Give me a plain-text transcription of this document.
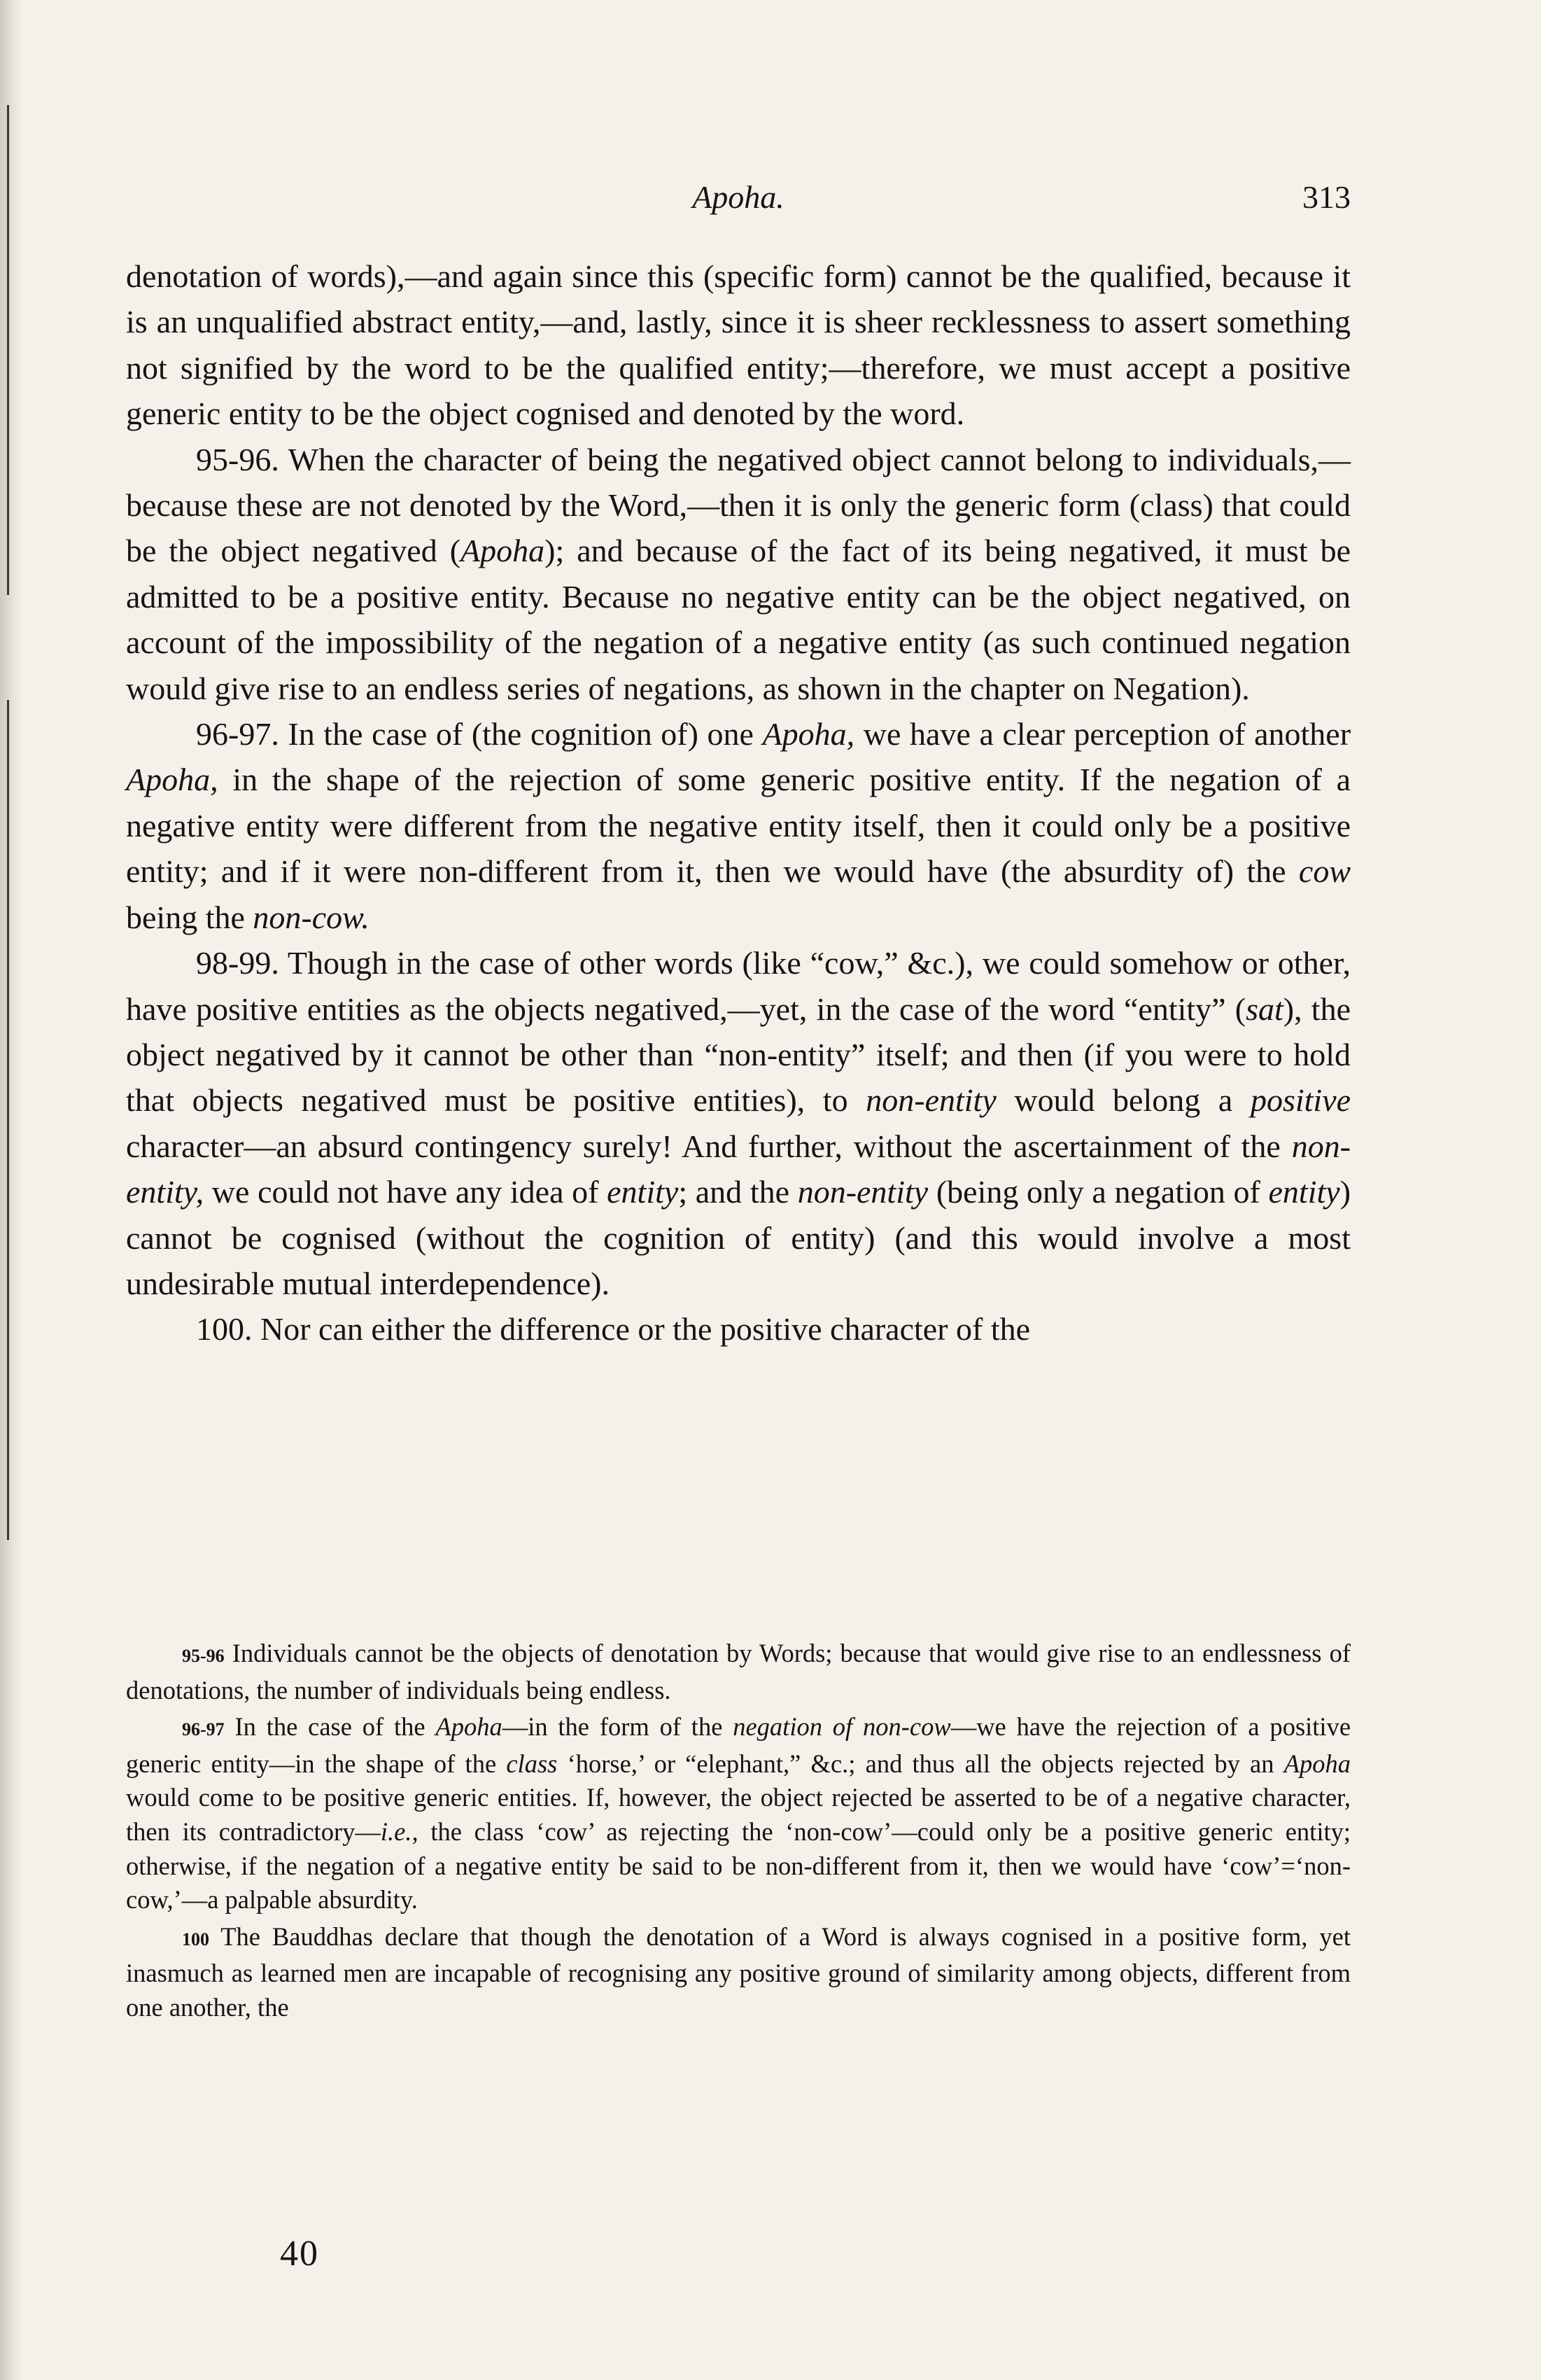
Apoha.	313

denotation of words),—and again since this (specific form) cannot be the qualified, because it is an unqualified abstract entity,—and, lastly, since it is sheer recklessness to assert something not signified by the word to be the qualified entity;—therefore, we must accept a positive generic entity to be the object cognised and denoted by the word.

95-96. When the character of being the negatived object cannot belong to individuals,—because these are not denoted by the Word,—then it is only the generic form (class) that could be the object negatived (Apoha); and because of the fact of its being negatived, it must be admitted to be a positive entity. Because no negative entity can be the object negatived, on account of the impossibility of the negation of a negative entity (as such continued negation would give rise to an endless series of negations, as shown in the chapter on Negation).

96-97. In the case of (the cognition of) one Apoha, we have a clear perception of another Apoha, in the shape of the rejection of some generic positive entity. If the negation of a negative entity were different from the negative entity itself, then it could only be a positive entity; and if it were non-different from it, then we would have (the absurdity of) the cow being the non-cow.

98-99. Though in the case of other words (like “cow,” &c.), we could somehow or other, have positive entities as the objects negatived,—yet, in the case of the word “entity” (sat), the object negatived by it cannot be other than “non-entity” itself; and then (if you were to hold that objects negatived must be positive entities), to non-entity would belong a positive character—an absurd contingency surely! And further, without the ascertainment of the non-entity, we could not have any idea of entity; and the non-entity (being only a negation of entity) cannot be cognised (without the cognition of entity) (and this would involve a most undesirable mutual interdependence).

100. Nor can either the difference or the positive character of the

95-96 Individuals cannot be the objects of denotation by Words; because that would give rise to an endlessness of denotations, the number of individuals being endless.

96-97 In the case of the Apoha—in the form of the negation of non-cow—we have the rejection of a positive generic entity—in the shape of the class ‘horse,’ or “elephant,” &c.; and thus all the objects rejected by an Apoha would come to be positive generic entities. If, however, the object rejected be asserted to be of a negative character, then its contradictory—i.e., the class ‘cow’ as rejecting the ‘non-cow’—could only be a positive generic entity; otherwise, if the negation of a negative entity be said to be non-different from it, then we would have ‘cow’=‘non-cow,’—a palpable absurdity.

100 The Bauddhas declare that though the denotation of a Word is always cognised in a positive form, yet inasmuch as learned men are incapable of recognising any positive ground of similarity among objects, different from one another, the

40
